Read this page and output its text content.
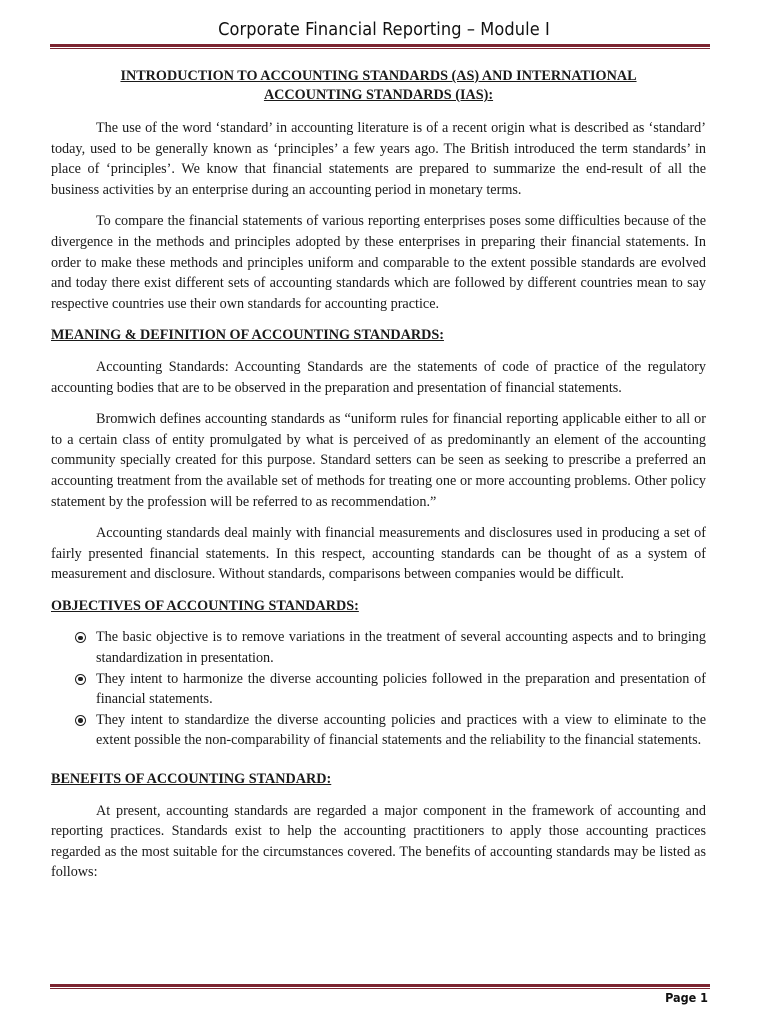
Corporate Financial Reporting – Module I
INTRODUCTION TO ACCOUNTING STANDARDS (AS) AND INTERNATIONAL ACCOUNTING STANDARDS (IAS):

The use of the word ‘standard’ in accounting literature is of a recent origin what is described as ‘standard’ today, used to be generally known as ‘principles’ a few years ago. The British introduced the term standards’ in place of ‘principles’. We know that financial statements are prepared to summarize the end-result of all the business activities by an enterprise during an accounting period in monetary terms.

To compare the financial statements of various reporting enterprises poses some difficulties because of the divergence in the methods and principles adopted by these enterprises in preparing their financial statements. In order to make these methods and principles uniform and comparable to the extent possible standards are evolved and today there exist different sets of accounting standards which are followed by different countries mean to say respective countries use their own standards for accounting practice.

MEANING & DEFINITION OF ACCOUNTING STANDARDS:

Accounting Standards: Accounting Standards are the statements of code of practice of the regulatory accounting bodies that are to be observed in the preparation and presentation of financial statements.

Bromwich defines accounting standards as “uniform rules for financial reporting applicable either to all or to a certain class of entity promulgated by what is perceived of as predominantly an element of the accounting community specially created for this purpose. Standard setters can be seen as seeking to prescribe a preferred an accounting treatment from the available set of methods for treating one or more accounting problems. Other policy statement by the profession will be referred to as recommendation.”

Accounting standards deal mainly with financial measurements and disclosures used in producing a set of fairly presented financial statements. In this respect, accounting standards can be thought of as a system of measurement and disclosure. Without standards, comparisons between companies would be difficult.

OBJECTIVES OF ACCOUNTING STANDARDS:
The basic objective is to remove variations in the treatment of several accounting aspects and to bringing standardization in presentation.
They intent to harmonize the diverse accounting policies followed in the preparation and presentation of financial statements.
They intent to standardize the diverse accounting policies and practices with a view to eliminate to the extent possible the non-comparability of financial statements and the reliability to the financial statements.
BENEFITS OF ACCOUNTING STANDARD:

At present, accounting standards are regarded a major component in the framework of accounting and reporting practices. Standards exist to help the accounting practitioners to apply those accounting practices regarded as the most suitable for the circumstances covered. The benefits of accounting standards may be listed as follows:

Page 1
